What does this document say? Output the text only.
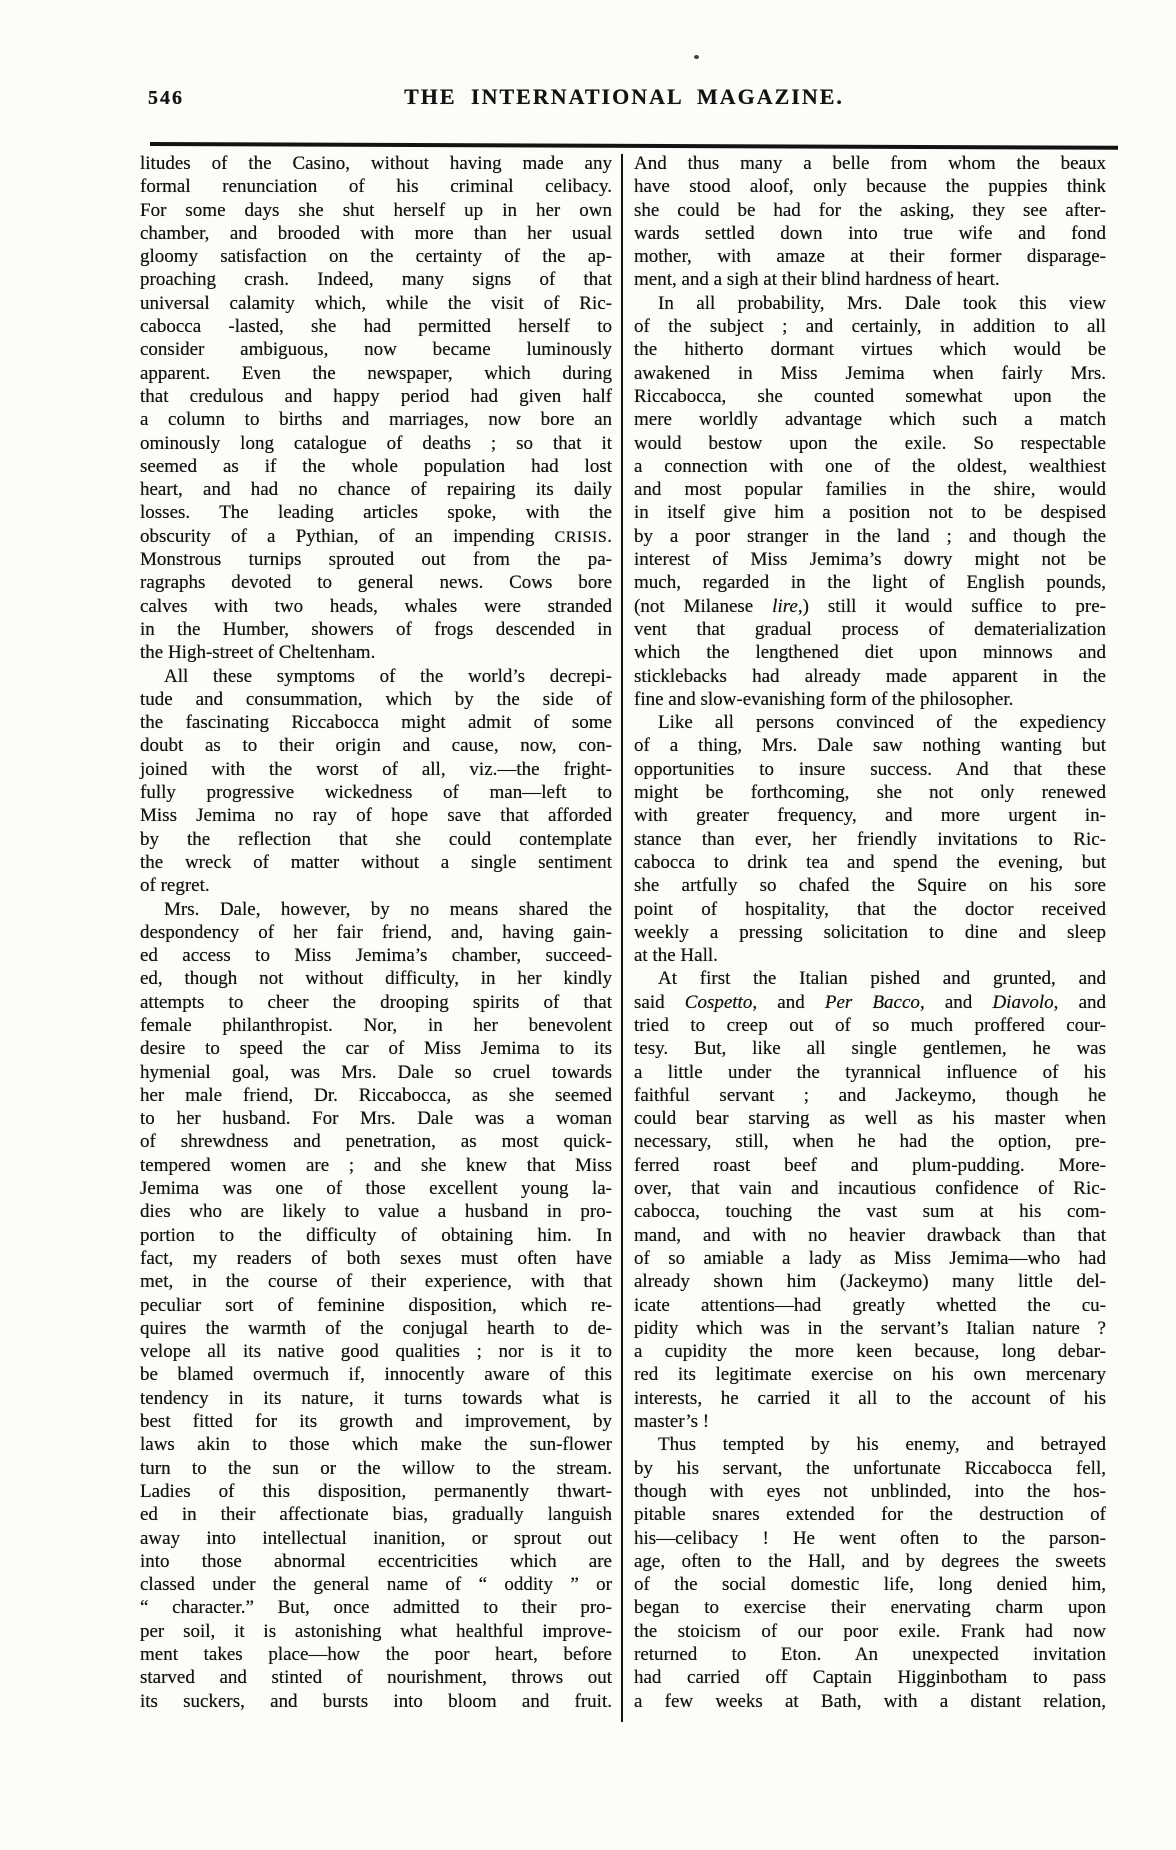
546	THE INTERNATIONAL MAGAZINE.
litudes of the Casino, without having made any
formal renunciation of his criminal celibacy.
For some days she shut herself up in her own
chamber, and brooded with more than her usual
gloomy satisfaction on the certainty of the ap-
proaching crash. Indeed, many signs of that
universal calamity which, while the visit of Ric-
cabocca -lasted, she had permitted herself to
consider ambiguous, now became luminously
apparent. Even the newspaper, which during
that credulous and happy period had given half
a column to births and marriages, now bore an
ominously long catalogue of deaths ; so that it
seemed as if the whole population had lost
heart, and had no chance of repairing its daily
losses. The leading articles spoke, with the
obscurity of a Pythian, of an impending CRISIS.
Monstrous turnips sprouted out from the pa-
ragraphs devoted to general news. Cows bore
calves with two heads, whales were stranded
in the Humber, showers of frogs descended in
the High-street of Cheltenham.
All these symptoms of the world’s decrepi-
tude and consummation, which by the side of
the fascinating Riccabocca might admit of some
doubt as to their origin and cause, now, con-
joined with the worst of all, viz.—the fright-
fully progressive wickedness of man—left to
Miss Jemima no ray of hope save that afforded
by the reflection that she could contemplate
the wreck of matter without a single sentiment
of regret.
Mrs. Dale, however, by no means shared the
despondency of her fair friend, and, having gain-
ed access to Miss Jemima’s chamber, succeed-
ed, though not without difficulty, in her kindly
attempts to cheer the drooping spirits of that
female philanthropist. Nor, in her benevolent
desire to speed the car of Miss Jemima to its
hymenial goal, was Mrs. Dale so cruel towards
her male friend, Dr. Riccabocca, as she seemed
to her husband. For Mrs. Dale was a woman
of shrewdness and penetration, as most quick-
tempered women are ; and she knew that Miss
Jemima was one of those excellent young la-
dies who are likely to value a husband in pro-
portion to the difficulty of obtaining him. In
fact, my readers of both sexes must often have
met, in the course of their experience, with that
peculiar sort of feminine disposition, which re-
quires the warmth of the conjugal hearth to de-
velope all its native good qualities ; nor is it to
be blamed overmuch if, innocently aware of this
tendency in its nature, it turns towards what is
best fitted for its growth and improvement, by
laws akin to those which make the sun-flower
turn to the sun or the willow to the stream.
Ladies of this disposition, permanently thwart-
ed in their affectionate bias, gradually languish
away into intellectual inanition, or sprout out
into those abnormal eccentricities which are
classed under the general name of “ oddity ” or
“ character.” But, once admitted to their pro-
per soil, it is astonishing what healthful improve-
ment takes place—how the poor heart, before
starved and stinted of nourishment, throws out
its suckers, and bursts into bloom and fruit.
And thus many a belle from whom the beaux
have stood aloof, only because the puppies think
she could be had for the asking, they see after-
wards settled down into true wife and fond
mother, with amaze at their former disparage-
ment, and a sigh at their blind hardness of heart.
In all probability, Mrs. Dale took this view
of the subject ; and certainly, in addition to all
the hitherto dormant virtues which would be
awakened in Miss Jemima when fairly Mrs.
Riccabocca, she counted somewhat upon the
mere worldly advantage which such a match
would bestow upon the exile. So respectable
a connection with one of the oldest, wealthiest
and most popular families in the shire, would
in itself give him a position not to be despised
by a poor stranger in the land ; and though the
interest of Miss Jemima’s dowry might not be
much, regarded in the light of English pounds,
(not Milanese lire,) still it would suffice to pre-
vent that gradual process of dematerialization
which the lengthened diet upon minnows and
sticklebacks had already made apparent in the
fine and slow-evanishing form of the philosopher.
Like all persons convinced of the expediency
of a thing, Mrs. Dale saw nothing wanting but
opportunities to insure success. And that these
might be forthcoming, she not only renewed
with greater frequency, and more urgent in-
stance than ever, her friendly invitations to Ric-
cabocca to drink tea and spend the evening, but
she artfully so chafed the Squire on his sore
point of hospitality, that the doctor received
weekly a pressing solicitation to dine and sleep
at the Hall.
At first the Italian pished and grunted, and
said Cospetto, and Per Bacco, and Diavolo, and
tried to creep out of so much proffered cour-
tesy. But, like all single gentlemen, he was
a little under the tyrannical influence of his
faithful servant ; and Jackeymo, though he
could bear starving as well as his master when
necessary, still, when he had the option, pre-
ferred roast beef and plum-pudding. More-
over, that vain and incautious confidence of Ric-
cabocca, touching the vast sum at his com-
mand, and with no heavier drawback than that
of so amiable a lady as Miss Jemima—who had
already shown him (Jackeymo) many little del-
icate attentions—had greatly whetted the cu-
pidity which was in the servant’s Italian nature ?
a cupidity the more keen because, long debar-
red its legitimate exercise on his own mercenary
interests, he carried it all to the account of his
master’s !
Thus tempted by his enemy, and betrayed
by his servant, the unfortunate Riccabocca fell,
though with eyes not unblinded, into the hos-
pitable snares extended for the destruction of
his—celibacy ! He went often to the parson-
age, often to the Hall, and by degrees the sweets
of the social domestic life, long denied him,
began to exercise their enervating charm upon
the stoicism of our poor exile. Frank had now
returned to Eton. An unexpected invitation
had carried off Captain Higginbotham to pass
a few weeks at Bath, with a distant relation,
